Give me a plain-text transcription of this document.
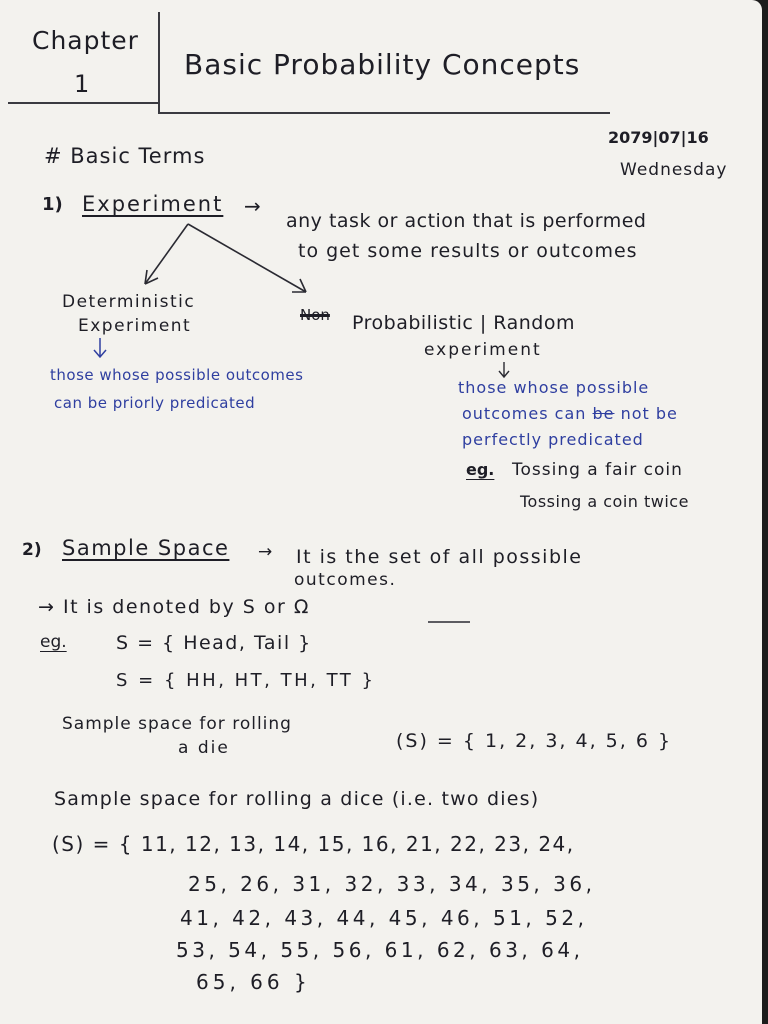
Chapter
1
Basic Probability Concepts
2079|07|16
Wednesday
# Basic Terms
1) Experiment →
any task or action that is performed
to get some results or outcomes
Deterministic
Experiment
those whose possible outcomes
can be priorly predicated
Non Probabilistic | Random
experiment
those whose possible
outcomes can be not be
perfectly predicated
eg. Tossing a fair coin
Tossing a coin twice
2) Sample Space → It is the set of all possible
outcomes.
→ It is denoted by S or Ω
eg.	S = { Head, Tail }
S = { HH, HT, TH, TT }
Sample space for rolling
a die	(S) = { 1, 2, 3, 4, 5, 6 }
Sample space for rolling a dice (i.e. two dies)
(S) = { 11, 12, 13, 14, 15, 16, 21, 22, 23, 24,
25, 26, 31, 32, 33, 34, 35, 36,
41, 42, 43, 44, 45, 46, 51, 52,
53, 54, 55, 56, 61, 62, 63, 64,
65, 66 }
